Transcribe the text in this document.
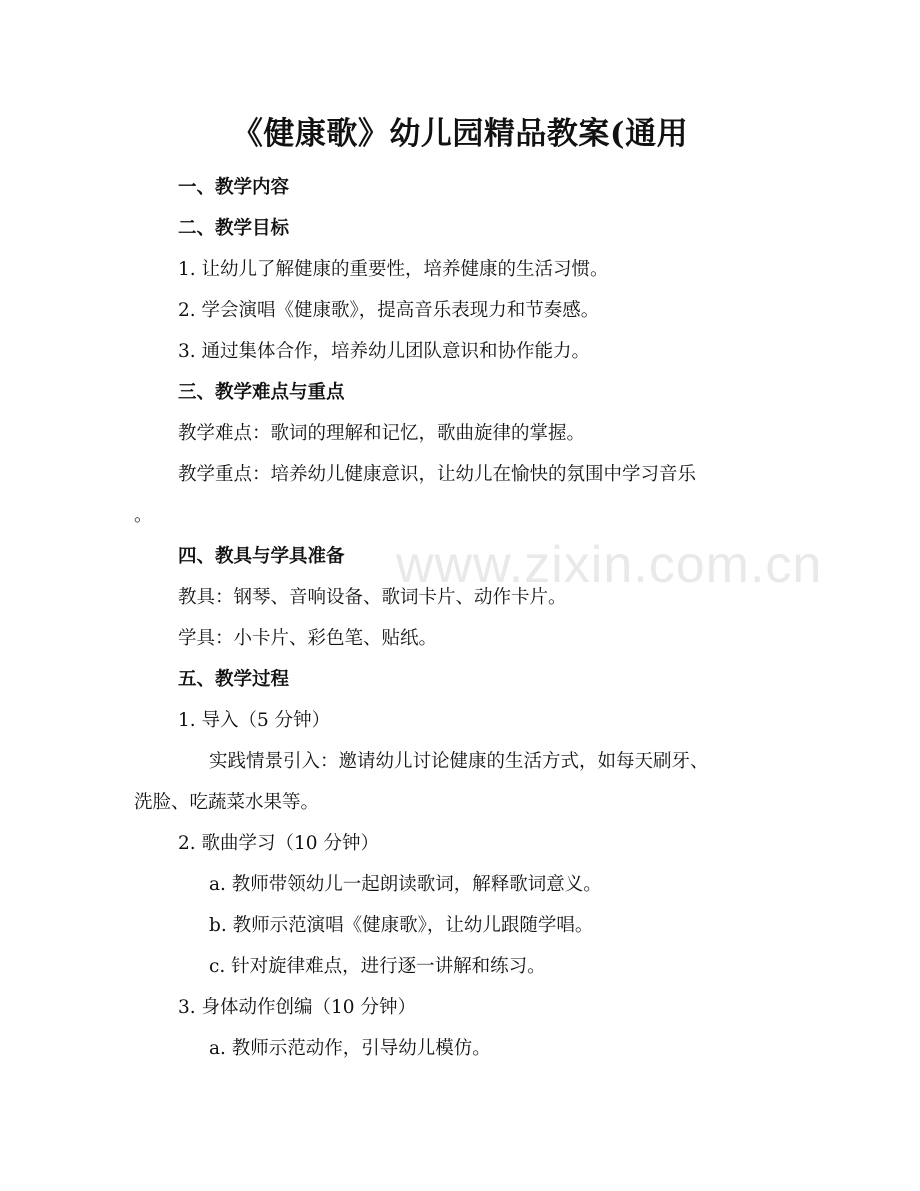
www.zixin.com.cn
《健康歌》幼儿园精品教案(通用
一、教学内容
二、教学目标
1. 让幼儿了解健康的重要性，培养健康的生活习惯。
2. 学会演唱《健康歌》，提高音乐表现力和节奏感。
3. 通过集体合作，培养幼儿团队意识和协作能力。
三、教学难点与重点
教学难点：歌词的理解和记忆，歌曲旋律的掌握。
教学重点：培养幼儿健康意识，让幼儿在愉快的氛围中学习音乐
。
四、教具与学具准备
教具：钢琴、音响设备、歌词卡片、动作卡片。
学具：小卡片、彩色笔、贴纸。
五、教学过程
1. 导入（5 分钟）
实践情景引入：邀请幼儿讨论健康的生活方式，如每天刷牙、
洗脸、吃蔬菜水果等。
2. 歌曲学习（10 分钟）
a. 教师带领幼儿一起朗读歌词，解释歌词意义。
b. 教师示范演唱《健康歌》，让幼儿跟随学唱。
c. 针对旋律难点，进行逐一讲解和练习。
3. 身体动作创编（10 分钟）
a. 教师示范动作，引导幼儿模仿。
